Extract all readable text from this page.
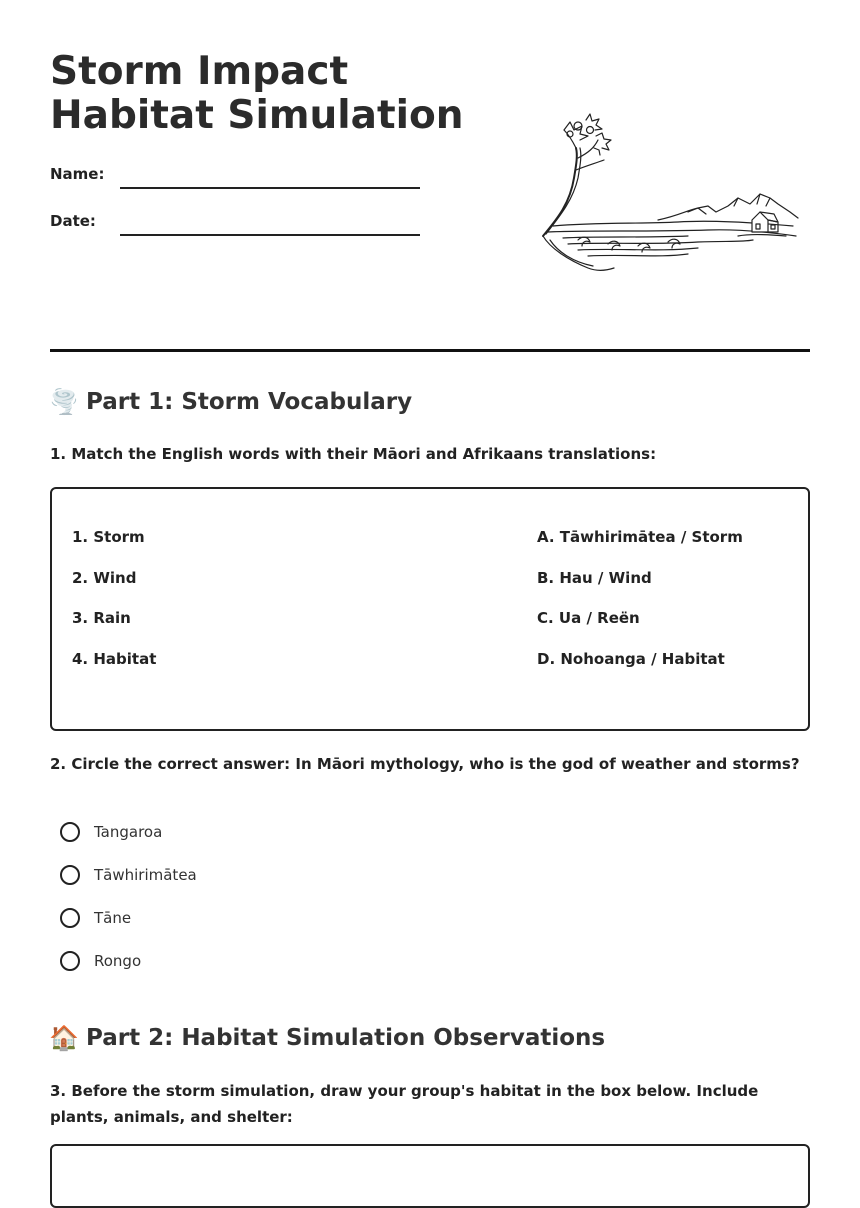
Storm Impact Habitat Simulation
Name:
Date:
🌪️ Part 1: Storm Vocabulary
1. Match the English words with their Māori and Afrikaans translations:
1. Storm
2. Wind
3. Rain
4. Habitat
A. Tāwhirimātea / Storm
B. Hau / Wind
C. Ua / Reën
D. Nohoanga / Habitat
2. Circle the correct answer: In Māori mythology, who is the god of weather and storms?
Tangaroa
Tāwhirimātea
Tāne
Rongo
🏠 Part 2: Habitat Simulation Observations
3. Before the storm simulation, draw your group's habitat in the box below. Include plants, animals, and shelter:
